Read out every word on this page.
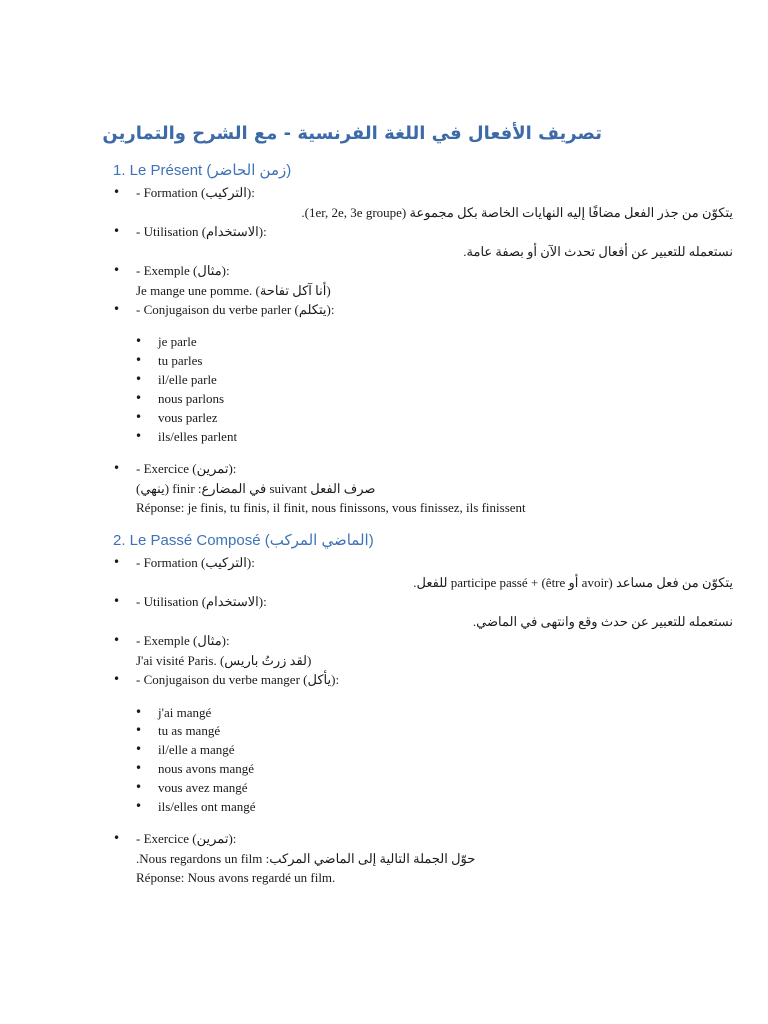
تصريف الأفعال في اللغة الفرنسية - مع الشرح والتمارين
1. Le Présent (زمن الحاضر)
•	- Formation (التركيب):
يتكوّن من جذر الفعل مضافًا إليه النهايات الخاصة بكل مجموعة (1er, 2e, 3e groupe).
•	- Utilisation (الاستخدام):
نستعمله للتعبير عن أفعال تحدث الآن أو بصفة عامة.
•	- Exemple (مثال):
Je mange une pomme. (أنا آكل تفاحة)
•	- Conjugaison du verbe parler (يتكلم):
• je parle
• tu parles
• il/elle parle
• nous parlons
• vous parlez
• ils/elles parlent
•	- Exercice (تمرين):
صرف الفعل suivant في المضارع: finir (ينهي)
Réponse: je finis, tu finis, il finit, nous finissons, vous finissez, ils finissent
2. Le Passé Composé (الماضي المركب)
•	- Formation (التركيب):
يتكوّن من فعل مساعد (avoir أو être) + participe passé للفعل.
•	- Utilisation (الاستخدام):
نستعمله للتعبير عن حدث وقع وانتهى في الماضي.
•	- Exemple (مثال):
J'ai visité Paris. (لقد زرتُ باريس)
•	- Conjugaison du verbe manger (يأكل):
• j'ai mangé
• tu as mangé
• il/elle a mangé
• nous avons mangé
• vous avez mangé
• ils/elles ont mangé
•	- Exercice (تمرين):
حوّل الجملة التالية إلى الماضي المركب: Nous regardons un film.
Réponse: Nous avons regardé un film.
